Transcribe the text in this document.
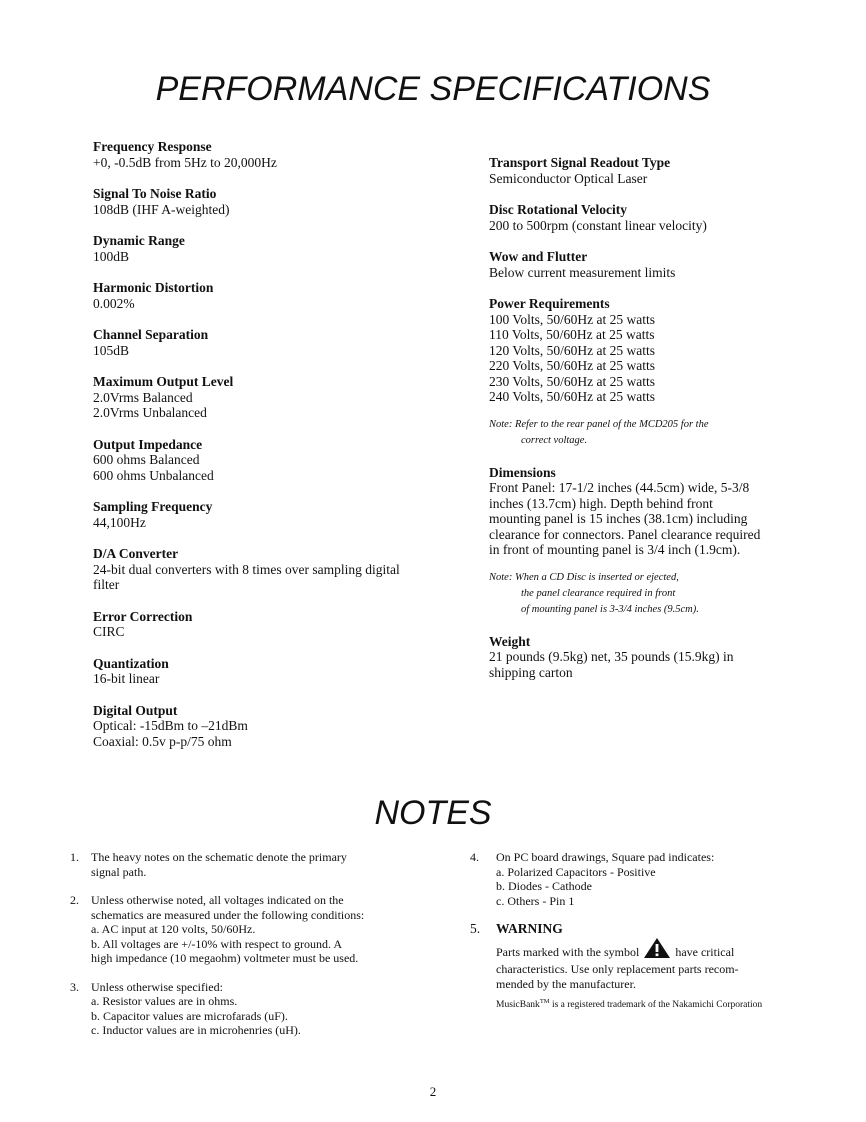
PERFORMANCE SPECIFICATIONS
Frequency Response
+0, -0.5dB from 5Hz to 20,000Hz
Signal To Noise Ratio
108dB (IHF A-weighted)
Dynamic Range
100dB
Harmonic Distortion
0.002%
Channel Separation
105dB
Maximum Output Level
2.0Vrms Balanced
2.0Vrms Unbalanced
Output Impedance
600 ohms Balanced
600 ohms Unbalanced
Sampling Frequency
44,100Hz
D/A Converter
24-bit dual converters with 8 times over sampling digital
filter
Error Correction
CIRC
Quantization
16-bit linear
Digital Output
Optical: -15dBm to –21dBm
Coaxial: 0.5v p-p/75 ohm
Transport Signal Readout Type
Semiconductor Optical Laser
Disc Rotational Velocity
200 to 500rpm (constant linear velocity)
Wow and Flutter
Below current measurement limits
Power Requirements
100 Volts, 50/60Hz at 25 watts
110 Volts, 50/60Hz at 25 watts
120 Volts, 50/60Hz at 25 watts
220 Volts, 50/60Hz at 25 watts
230 Volts, 50/60Hz at 25 watts
240 Volts, 50/60Hz at 25 watts
Note: Refer to the rear panel of the MCD205 for the
correct voltage.
Dimensions
Front Panel: 17-1/2 inches (44.5cm) wide, 5-3/8
inches (13.7cm) high. Depth behind front
mounting panel is 15 inches (38.1cm) including
clearance for connectors. Panel clearance required
in front of mounting panel is 3/4 inch (1.9cm).
Note: When a CD Disc is inserted or ejected,
the panel clearance required in front
of mounting panel is 3-3/4 inches (9.5cm).
Weight
21 pounds (9.5kg) net, 35 pounds (15.9kg) in
shipping carton
NOTES
1. The heavy notes on the schematic denote the primary
signal path.
2. Unless otherwise noted, all voltages indicated on the
schematics are measured under the following conditions:
a. AC input at 120 volts, 50/60Hz.
b. All voltages are +/-10% with respect to ground. A
high impedance (10 megaohm) voltmeter must be used.
3. Unless otherwise specified:
a. Resistor values are in ohms.
b. Capacitor values are microfarads (uF).
c. Inductor values are in microhenries (uH).
4. On PC board drawings, Square pad indicates:
a. Polarized Capacitors - Positive
b. Diodes - Cathode
c. Others - Pin 1
5. WARNING
Parts marked with the symbol	have critical
characteristics. Use only replacement parts recom-
mended by the manufacturer.
MusicBank™ is a registered trademark of the Nakamichi Corporation
2
